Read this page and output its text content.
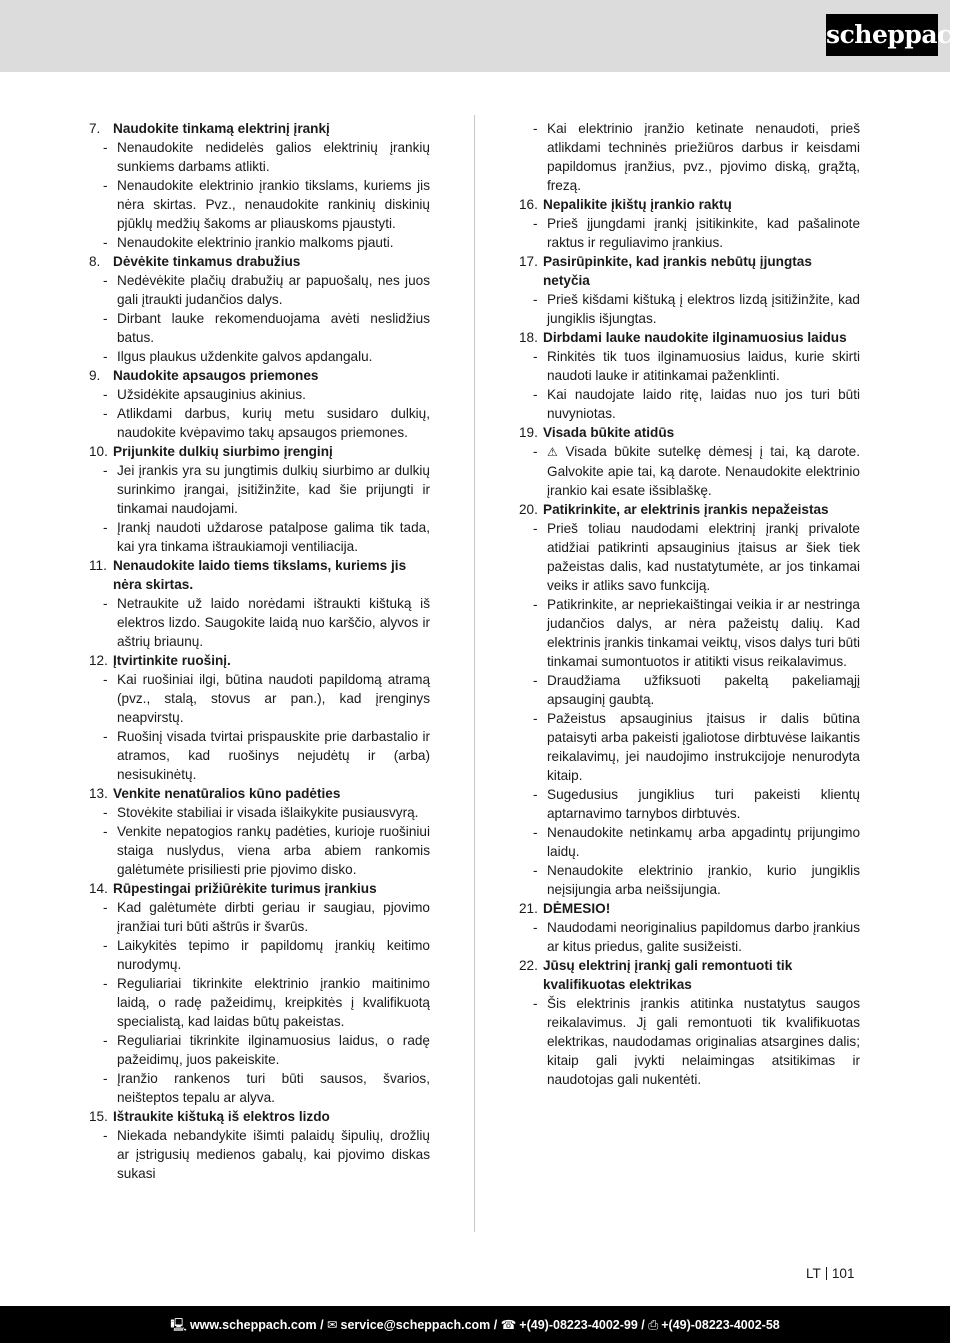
scheppach
7. Naudokite tinkamą elektrinį įrankį
- Nenaudokite nedidelės galios elektrinių įrankių sunkiems darbams atlikti.
- Nenaudokite elektrinio įrankio tikslams, kuriems jis nėra skirtas. Pvz., nenaudokite rankinių diskinių pjūklų medžių šakoms ar pliauskoms pjaustyti.
- Nenaudokite elektrinio įrankio malkoms pjauti.
8. Dėvėkite tinkamus drabužius
- Nedėvėkite plačių drabužių ar papuošalų, nes juos gali įtraukti judančios dalys.
- Dirbant lauke rekomenduojama avėti neslidžius batus.
- Ilgus plaukus uždenkite galvos apdangalu.
9. Naudokite apsaugos priemones
- Užsidėkite apsauginius akinius.
- Atlikdami darbus, kurių metu susidaro dulkių, naudokite kvėpavimo takų apsaugos priemones.
10. Prijunkite dulkių siurbimo įrenginį
- Jei įrankis yra su jungtimis dulkių siurbimo ar dulkių surinkimo įrangai, įsitižinžite, kad šie prijungti ir tinkamai naudojami.
- Įrankį naudoti uždarose patalpose galima tik tada, kai yra tinkama ištraukiamoji ventiliacija.
11. Nenaudokite laido tiems tikslams, kuriems jis nėra skirtas.
- Netraukite už laido norėdami ištraukti kištuką iš elektros lizdo. Saugokite laidą nuo karščio, alyvos ir aštrių briaunų.
12. Įtvirtinkite ruošinį.
- Kai ruošiniai ilgi, būtina naudoti papildomą atramą (pvz., stalą, stovus ar pan.), kad įrenginys neapvirstų.
- Ruošinį visada tvirtai prispauskite prie darbastalio ir atramos, kad ruošinys nejudėtų ir (arba) nesisukinėtų.
13. Venkite nenatūralios kūno padėties
- Stovėkite stabiliai ir visada išlaikykite pusiausvyrą.
- Venkite nepatogios rankų padėties, kurioje ruošiniui staiga nuslydus, viena arba abiem rankomis galėtumėte prisiliesti prie pjovimo disko.
14. Rūpestingai prižiūrėkite turimus įrankius
- Kad galėtumėte dirbti geriau ir saugiau, pjovimo įranžiai turi būti aštrūs ir švarūs.
- Laikykitės tepimo ir papildomų įrankių keitimo nurodymų.
- Reguliariai tikrinkite elektrinio įrankio maitinimo laidą, o radę pažeidimų, kreipkitės į kvalifikuotą specialistą, kad laidas būtų pakeistas.
- Reguliariai tikrinkite ilginamuosius laidus, o radę pažeidimų, juos pakeiskite.
- Įranžio rankenos turi būti sausos, švarios, neišteptos tepalu ar alyva.
15. Ištraukite kištuką iš elektros lizdo
- Niekada nebandykite išimti palaidų šipulių, drožlių ar įstrigusių medienos gabalų, kai pjovimo diskas sukasi
- Kai elektrinio įranžio ketinate nenaudoti, prieš atlikdami techninės priežiūros darbus ir keisdami papildomus įranžius, pvz., pjovimo diską, grąžtą, frezą.
16. Nepalikite įkištų įrankio raktų
- Prieš įjungdami įrankį įsitikinkite, kad pašalinote raktus ir reguliavimo įrankius.
17. Pasirūpinkite, kad įrankis nebūtų įjungtas netyčia
- Prieš kišdami kištuką į elektros lizdą įsitižinžite, kad jungiklis išjungtas.
18. Dirbdami lauke naudokite ilginamuosius laidus
- Rinkitės tik tuos ilginamuosius laidus, kurie skirti naudoti lauke ir atitinkamai paženklinti.
- Kai naudojate laido ritę, laidas nuo jos turi būti nuvyniotas.
19. Visada būkite atidūs
- ⚠ Visada būkite sutelkę dėmesį į tai, ką darote. Galvokite apie tai, ką darote. Nenaudokite elektrinio įrankio kai esate išsiblaškę.
20. Patikrinkite, ar elektrinis įrankis nepažeistas
- Prieš toliau naudodami elektrinį įrankį privalote atidžiai patikrinti apsauginius įtaisus ar šiek tiek pažeistas dalis, kad nustatytumėte, ar jos tinkamai veiks ir atliks savo funkciją.
- Patikrinkite, ar nepriekaištingai veikia ir ar nestringa judančios dalys, ar nėra pažeistų dalių. Kad elektrinis įrankis tinkamai veiktų, visos dalys turi būti tinkamai sumontuotos ir atitikti visus reikalavimus.
- Draudžiama užfiksuoti pakeltą pakeliamąjį apsauginį gaubtą.
- Pažeistus apsauginius įtaisus ir dalis būtina pataisyti arba pakeisti įgaliotose dirbtuvėse laikantis reikalavimų, jei naudojimo instrukcijoje nenurodyta kitaip.
- Sugedusius jungiklius turi pakeisti klientų aptarnavimo tarnybos dirbtuvės.
- Nenaudokite netinkamų arba apgadintų prijungimo laidų.
- Nenaudokite elektrinio įrankio, kurio jungiklis neįsijungia arba neišsijungia.
21. DĖMESIO!
- Naudodami neoriginalius papildomus darbo įrankius ar kitus priedus, galite susižeisti.
22. Jūsų elektrinį įrankį gali remontuoti tik kvalifikuotas elektrikas
- Šis elektrinis įrankis atitinka nustatytus saugos reikalavimus. Jį gali remontuoti tik kvalifikuotas elektrikas, naudodamas originalias atsargines dalis; kitaip gali įvykti nelaimingas atsitikimas ir naudotojas gali nukentėti.
LT 101
🖳 www.scheppach.com / ✉ service@scheppach.com / ☎ +(49)-08223-4002-99 / ⎙ +(49)-08223-4002-58
